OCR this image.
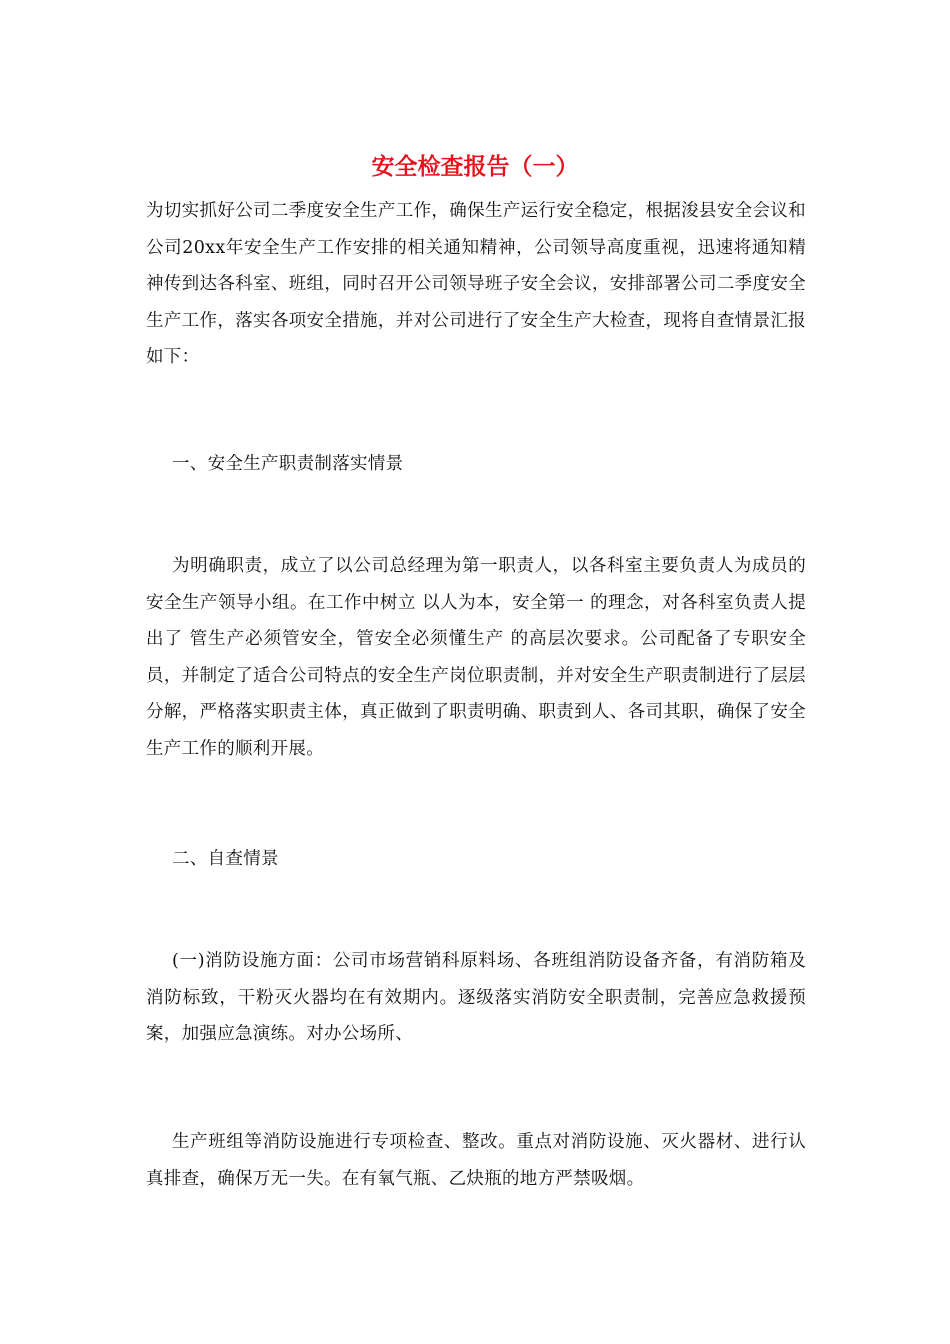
安全检查报告（一）

为切实抓好公司二季度安全生产工作，确保生产运行安全稳定，根据浚县安全会议和公司20xx年安全生产工作安排的相关通知精神，公司领导高度重视，迅速将通知精神传到达各科室、班组，同时召开公司领导班子安全会议，安排部署公司二季度安全生产工作，落实各项安全措施，并对公司进行了安全生产大检查，现将自查情景汇报如下：

一、安全生产职责制落实情景

为明确职责，成立了以公司总经理为第一职责人，以各科室主要负责人为成员的安全生产领导小组。在工作中树立 以人为本，安全第一 的理念，对各科室负责人提出了 管生产必须管安全，管安全必须懂生产 的高层次要求。公司配备了专职安全员，并制定了适合公司特点的安全生产岗位职责制，并对安全生产职责制进行了层层分解，严格落实职责主体，真正做到了职责明确、职责到人、各司其职，确保了安全生产工作的顺利开展。

二、自查情景

(一)消防设施方面：公司市场营销科原料场、各班组消防设备齐备，有消防箱及消防标致，干粉灭火器均在有效期内。逐级落实消防安全职责制，完善应急救援预案，加强应急演练。对办公场所、

生产班组等消防设施进行专项检查、整改。重点对消防设施、灭火器材、进行认真排查，确保万无一失。在有氧气瓶、乙炔瓶的地方严禁吸烟。
